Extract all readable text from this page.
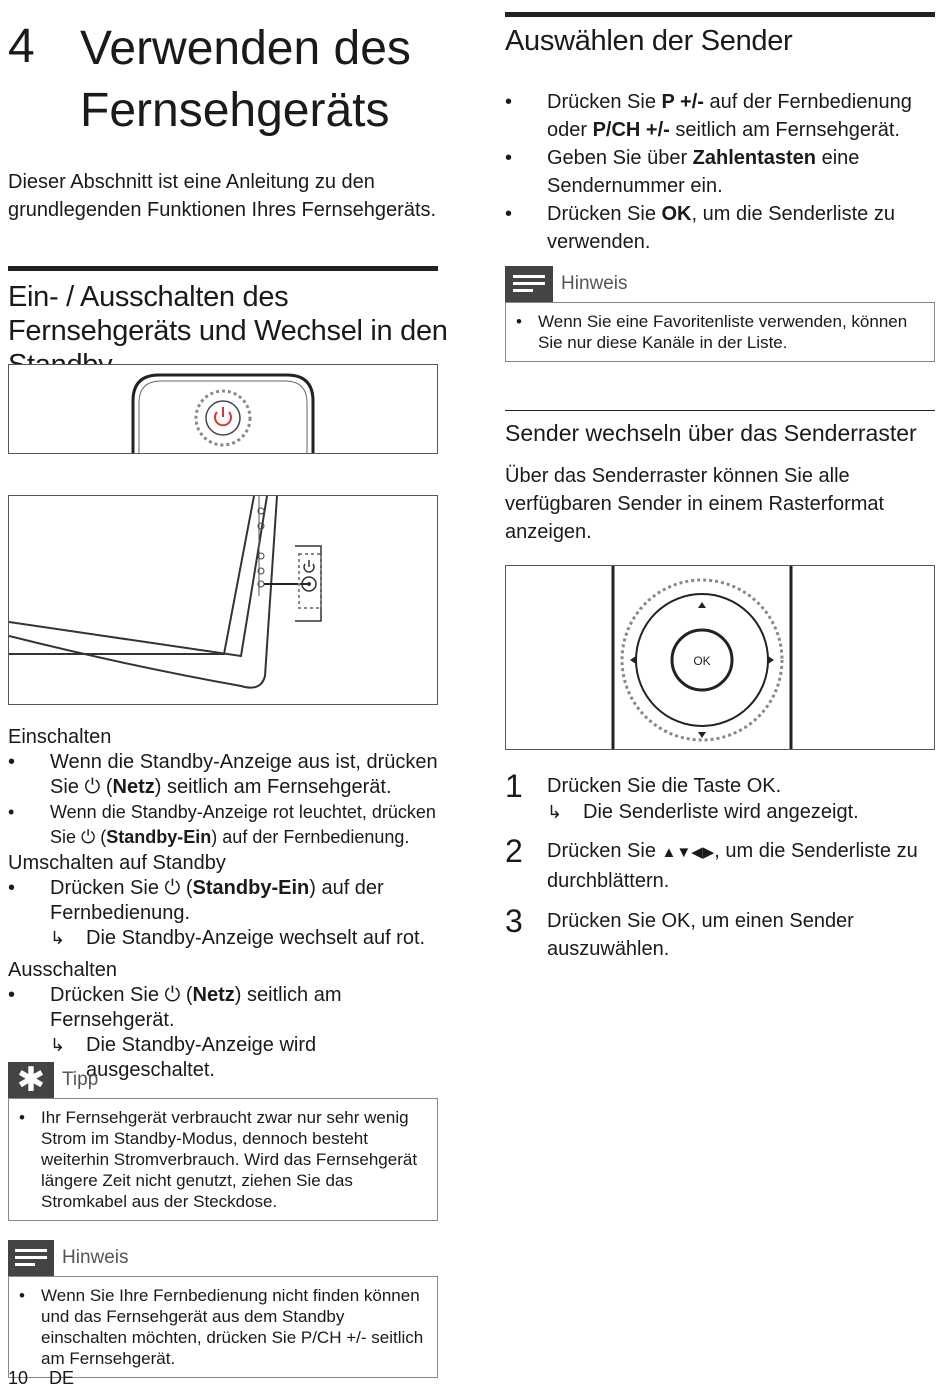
4 Verwenden des Fernsehgeräts
Dieser Abschnitt ist eine Anleitung zu den grundlegenden Funktionen Ihres Fernsehgeräts.
Ein- / Ausschalten des Fernsehgeräts und Wechsel in den
Einschalten
• Wenn die Standby-Anzeige aus ist, drücken Sie ⏻ (Netz) seitlich am Fernsehgerät.
• Wenn die Standby-Anzeige rot leuchtet, drücken Sie ⏻ (Standby-Ein) auf der Fernbedienung.
Umschalten auf Standby
• Drücken Sie ⏻ (Standby-Ein) auf der Fernbedienung.
↳ Die Standby-Anzeige wechselt auf rot.
Ausschalten
• Drücken Sie ⏻ (Netz) seitlich am Fernsehgerät.
↳ Die Standby-Anzeige wird ausgeschaltet.
✱ Tipp
• Ihr Fernsehgerät verbraucht zwar nur sehr wenig Strom im Standby-Modus, dennoch besteht weiterhin Stromverbrauch. Wird das Fernsehgerät längere Zeit nicht genutzt, ziehen Sie das Stromkabel aus der Steckdose.
Hinweis
• Wenn Sie Ihre Fernbedienung nicht finden können und das Fernsehgerät aus dem Standby einschalten möchten, drücken Sie P/CH +/- seitlich am Fernsehgerät.
10 DE
Auswählen der Sender
• Drücken Sie P +/- auf der Fernbedienung oder P/CH +/- seitlich am Fernsehgerät.
• Geben Sie über Zahlentasten eine Sendernummer ein.
• Drücken Sie OK, um die Senderliste zu verwenden.
Hinweis
• Wenn Sie eine Favoritenliste verwenden, können Sie nur diese Kanäle in der Liste.
Sender wechseln über das Senderraster
Über das Senderraster können Sie alle verfügbaren Sender in einem Rasterformat anzeigen.
OK
1 Drücken Sie die Taste OK.
↳ Die Senderliste wird angezeigt.
2 Drücken Sie ▲▼◀▶, um die Senderliste zu durchblättern.
3 Drücken Sie OK, um einen Sender auszuwählen.
